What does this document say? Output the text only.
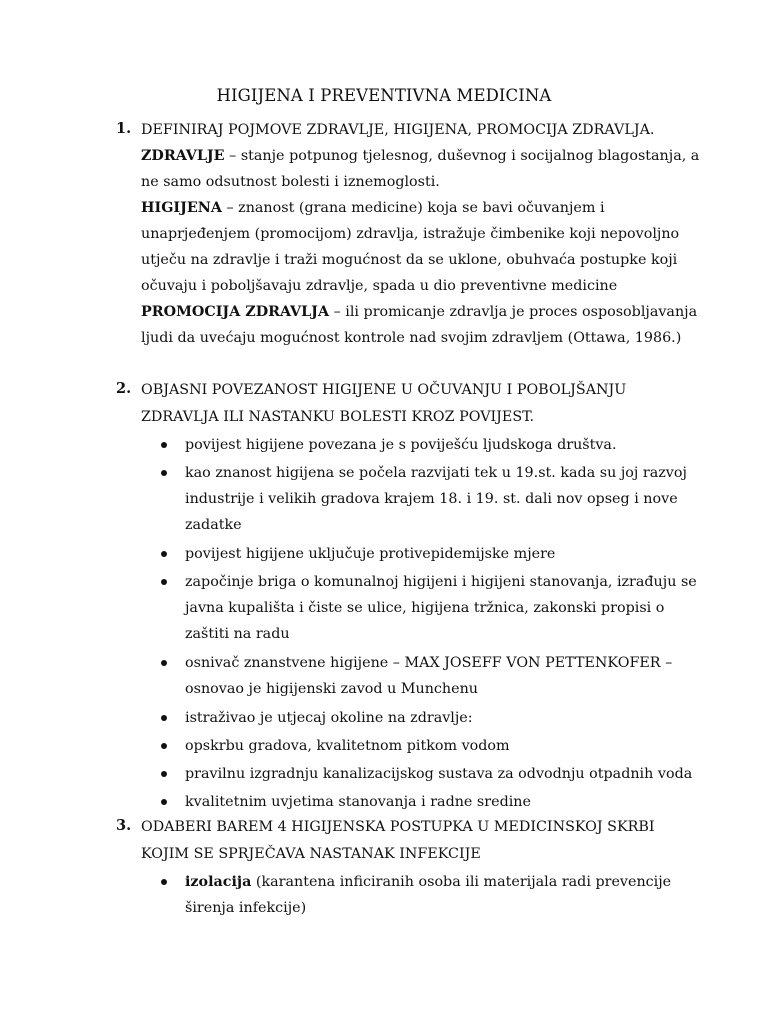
HIGIJENA I PREVENTIVNA MEDICINA
1. DEFINIRAJ POJMOVE ZDRAVLJE, HIGIJENA, PROMOCIJA ZDRAVLJA.
ZDRAVLJE – stanje potpunog tjelesnog, duševnog i socijalnog blagostanja, a
ne samo odsutnost bolesti i iznemoglosti.
HIGIJENA – znanost (grana medicine) koja se bavi očuvanjem i
unaprjeđenjem (promocijom) zdravlja, istražuje čimbenike koji nepovoljno
utječu na zdravlje i traži mogućnost da se uklone, obuhvaća postupke koji
očuvaju i poboljšavaju zdravlje, spada u dio preventivne medicine
PROMOCIJA ZDRAVLJA – ili promicanje zdravlja je proces osposobljavanja
ljudi da uvećaju mogućnost kontrole nad svojim zdravljem (Ottawa, 1986.)
2. OBJASNI POVEZANOST HIGIJENE U OČUVANJU I POBOLJŠANJU
ZDRAVLJA ILI NASTANKU BOLESTI KROZ POVIJEST.
povijest higijene povezana je s poviješću ljudskoga društva.
kao znanost higijena se počela razvijati tek u 19.st. kada su joj razvoj
industrije i velikih gradova krajem 18. i 19. st. dali nov opseg i nove
zadatke
povijest higijene uključuje protivepidemijske mjere
započinje briga o komunalnoj higijeni i higijeni stanovanja, izrađuju se
javna kupališta i čiste se ulice, higijena tržnica, zakonski propisi o
zaštiti na radu
osnivač znanstvene higijene – MAX JOSEFF VON PETTENKOFER –
osnovao je higijenski zavod u Munchenu
istraživao je utjecaj okoline na zdravlje:
opskrbu gradova, kvalitetnom pitkom vodom
pravilnu izgradnju kanalizacijskog sustava za odvodnju otpadnih voda
kvalitetnim uvjetima stanovanja i radne sredine
3. ODABERI BAREM 4 HIGIJENSKA POSTUPKA U MEDICINSKOJ SKRBI
KOJIM SE SPRJEČAVA NASTANAK INFEKCIJE
izolacija (karantena inficiranih osoba ili materijala radi prevencije
širenja infekcije)
